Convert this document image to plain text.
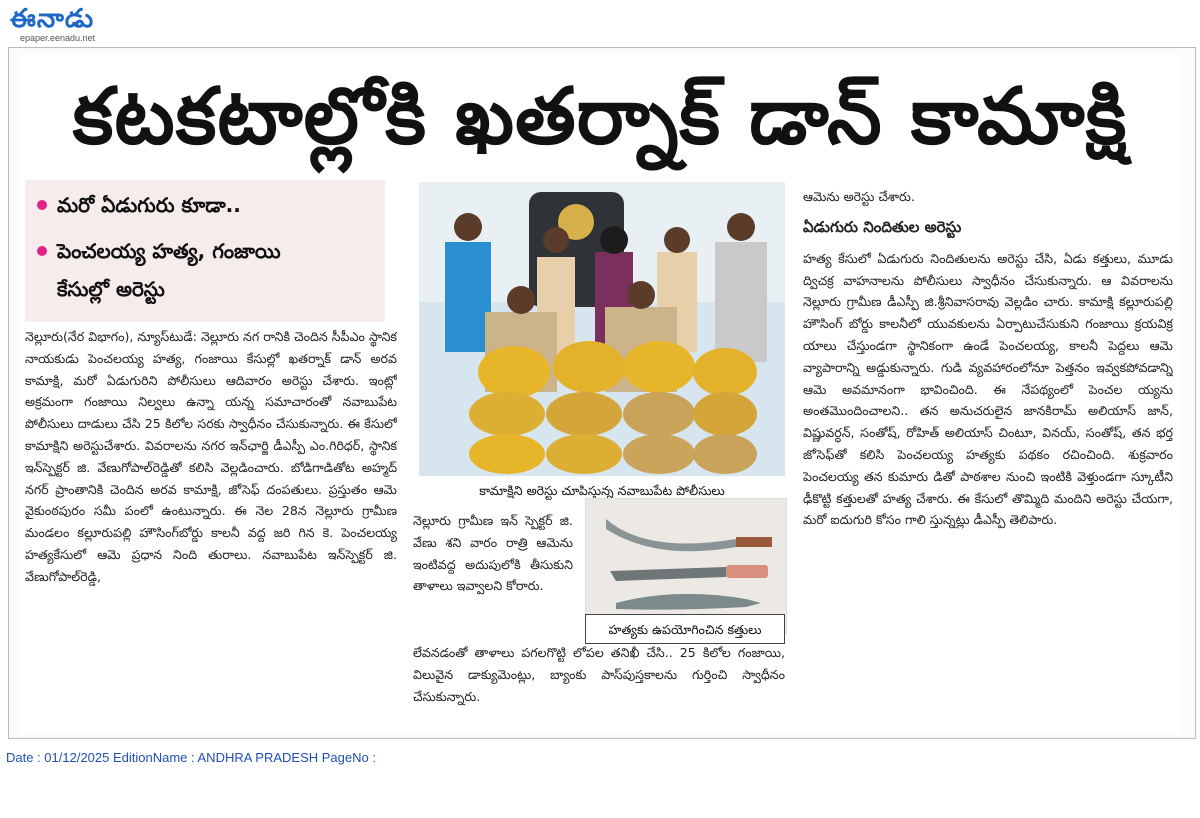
ఈనాడు
epaper.eenadu.net
కటకటాల్లోకి ఖతర్నాక్ డాన్ కామాక్షి
మరో ఏడుగురు కూడా..
పెంచలయ్య హత్య, గంజాయి
కేసుల్లో అరెస్టు

నెల్లూరు(నేర విభాగం), న్యూస్‌టుడే: నెల్లూరు నగ రానికి చెందిన సీపీఎం స్థానిక నాయకుడు పెంచలయ్య హత్య, గంజాయి కేసుల్లో ఖతర్నాక్ డాన్ అరవ కామాక్షి, మరో ఏడుగురిని పోలీసులు ఆదివారం అరెస్టు చేశారు. ఇంట్లో అక్రమంగా గంజాయి నిల్వలు ఉన్నా యన్న సమాచారంతో నవాబుపేట పోలీసులు దాడులు చేసి 25 కిలోల సరకు స్వాధీనం చేసుకున్నారు. ఈ కేసులో కామాక్షిని అరెస్టుచేశారు. వివరాలను నగర ఇన్‌ఛార్జి డీఎస్పీ ఎం.గిరిధర్, స్థానిక ఇన్‌స్పెక్టర్ జి. వేణుగోపాల్‌రెడ్డితో కలిసి వెల్లడించారు. బోడిగాడితోట అహ్మద్ నగర్ ప్రాంతానికి చెందిన అరవ కామాక్షి, జోసెఫ్ దంపతులు. ప్రస్తుతం ఆమె వైకుంఠపురం సమీ పంలో ఉంటున్నారు. ఈ నెల 28న నెల్లూరు గ్రామీణ మండలం కల్లూరుపల్లి హౌసింగ్‌బోర్డు కాలనీ వద్ద జరి గిన కె. పెంచలయ్య హత్యకేసులో ఆమె ప్రధాన నింది తురాలు. నవాబుపేట ఇన్‌స్పెక్టర్ జి. వేణుగోపాల్‌రెడ్డి,

కామాక్షిని అరెస్టు చూపిస్తున్న నవాబుపేట పోలీసులు

నెల్లూరు గ్రామీణ ఇన్ స్పెక్టర్ జి. వేణు శని వారం రాత్రి ఆమెను ఇంటివద్ద అదుపులోకి తీసుకుని తాళాలు ఇవ్వాలని కోరారు.

లేవనడంతో తాళాలు పగలగొట్టి లోపల తనిఖీ చేసి.. 25 కిలోల గంజాయి, విలువైన డాక్యుమెంట్లు, బ్యాంకు పాస్‌పుస్తకాలను గుర్తించి స్వాధీనం చేసుకున్నారు.

హత్యకు ఉపయోగించిన కత్తులు

ఆమెను అరెస్టు చేశారు.

ఏడుగురు నిందితుల అరెస్టు

హత్య కేసులో ఏడుగురు నిందితులను అరెస్టు చేసి, ఏడు కత్తులు, మూడు ద్విచక్ర వాహనాలను పోలీసులు స్వాధీనం చేసుకున్నారు. ఆ వివరాలను నెల్లూరు గ్రామీణ డీఎస్పీ జి.శ్రీనివాసరావు వెల్లడిం చారు. కామాక్షి కల్లూరుపల్లి హౌసింగ్ బోర్డు కాలనీలో యువకులను ఏర్పాటుచేసుకుని గంజాయి క్రయవిక్ర యాలు చేస్తుండగా స్థానికంగా ఉండే పెంచలయ్య, కాలనీ పెద్దలు ఆమె వ్యాపారాన్ని అడ్డుకున్నారు. గుడి వ్యవహారంలోనూ పెత్తనం ఇవ్వకపోవడాన్ని ఆమె అవమానంగా భావించింది. ఈ నేపథ్యంలో పెంచల య్యను అంతమొందించాలని.. తన అనుచరులైన జానకిరామ్ అలియాస్ జాన్, విష్ణువర్ధన్, సంతోష్, రోహిత్ అలియాస్ చింటూ, వినయ్, సంతోష్, తన భర్త జోసెఫ్‌తో కలిసి పెంచలయ్య హత్యకు పథకం రచించింది. శుక్రవారం పెంచలయ్య తన కుమారు డితో పాఠశాల నుంచి ఇంటికి వెళ్తుండగా స్కూటీని ఢీకొట్టి కత్తులతో హత్య చేశారు. ఈ కేసులో తొమ్మిది మందిని అరెస్టు చేయగా, మరో ఐదుగురి కోసం గాలి స్తున్నట్లు డీఎస్పీ తెలిపారు.

Date : 01/12/2025 EditionName : ANDHRA PRADESH PageNo :
